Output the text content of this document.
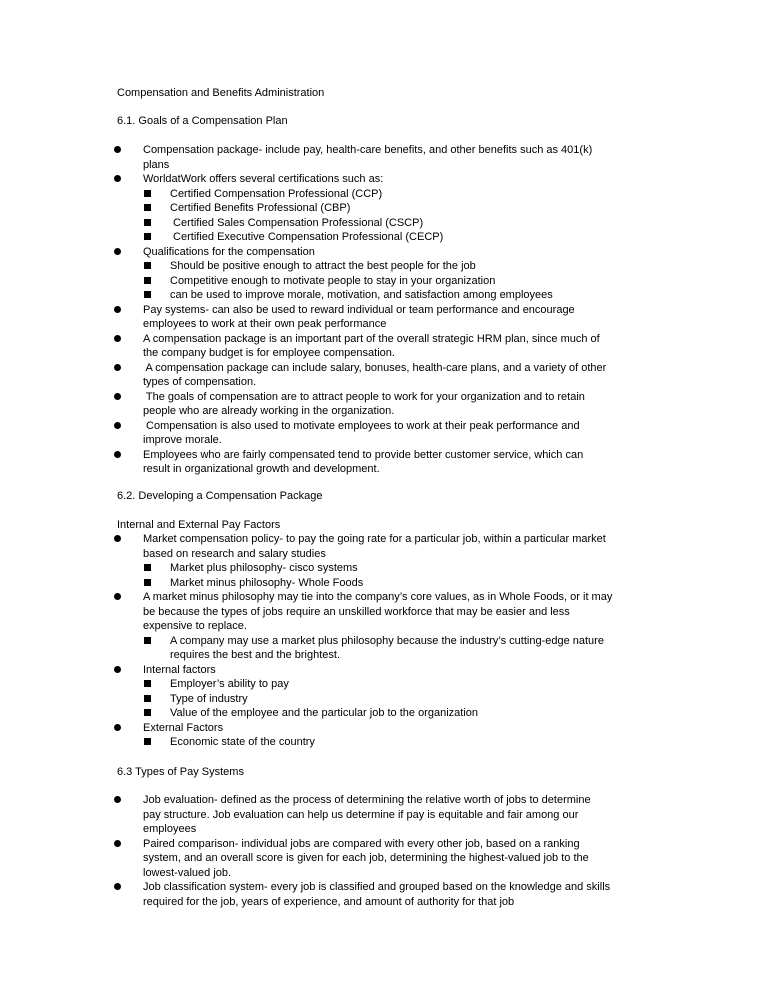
Compensation and Benefits Administration

6.1. Goals of a Compensation Plan

6.2. Developing a Compensation Package

Internal and External Pay Factors

6.3 Types of Pay Systems

Compensation package- include pay, health-care benefits, and other benefits such as 401(k)
plans
WorldatWork offers several certifications such as:
Certified Compensation Professional (CCP)
Certified Benefits Professional (CBP)
Certified Sales Compensation Professional (CSCP)
Certified Executive Compensation Professional (CECP)
Qualifications for the compensation
Should be positive enough to attract the best people for the job
Competitive enough to motivate people to stay in your organization
can be used to improve morale, motivation, and satisfaction among employees
Pay systems- can also be used to reward individual or team performance and encourage
employees to work at their own peak performance
A compensation package is an important part of the overall strategic HRM plan, since much of
the company budget is for employee compensation.
A compensation package can include salary, bonuses, health-care plans, and a variety of other
types of compensation.
The goals of compensation are to attract people to work for your organization and to retain
people who are already working in the organization.
Compensation is also used to motivate employees to work at their peak performance and
improve morale.
Employees who are fairly compensated tend to provide better customer service, which can
result in organizational growth and development.
Market compensation policy- to pay the going rate for a particular job, within a particular market
based on research and salary studies
Market plus philosophy- cisco systems
Market minus philosophy- Whole Foods
A market minus philosophy may tie into the company’s core values, as in Whole Foods, or it may
be because the types of jobs require an unskilled workforce that may be easier and less
expensive to replace.
A company may use a market plus philosophy because the industry’s cutting-edge nature
requires the best and the brightest.
Internal factors
Employer’s ability to pay
Type of industry
Value of the employee and the particular job to the organization
External Factors
Economic state of the country
Job evaluation- defined as the process of determining the relative worth of jobs to determine
pay structure. Job evaluation can help us determine if pay is equitable and fair among our
employees
Paired comparison- individual jobs are compared with every other job, based on a ranking
system, and an overall score is given for each job, determining the highest-valued job to the
lowest-valued job.
Job classification system- every job is classified and grouped based on the knowledge and skills
required for the job, years of experience, and amount of authority for that job
